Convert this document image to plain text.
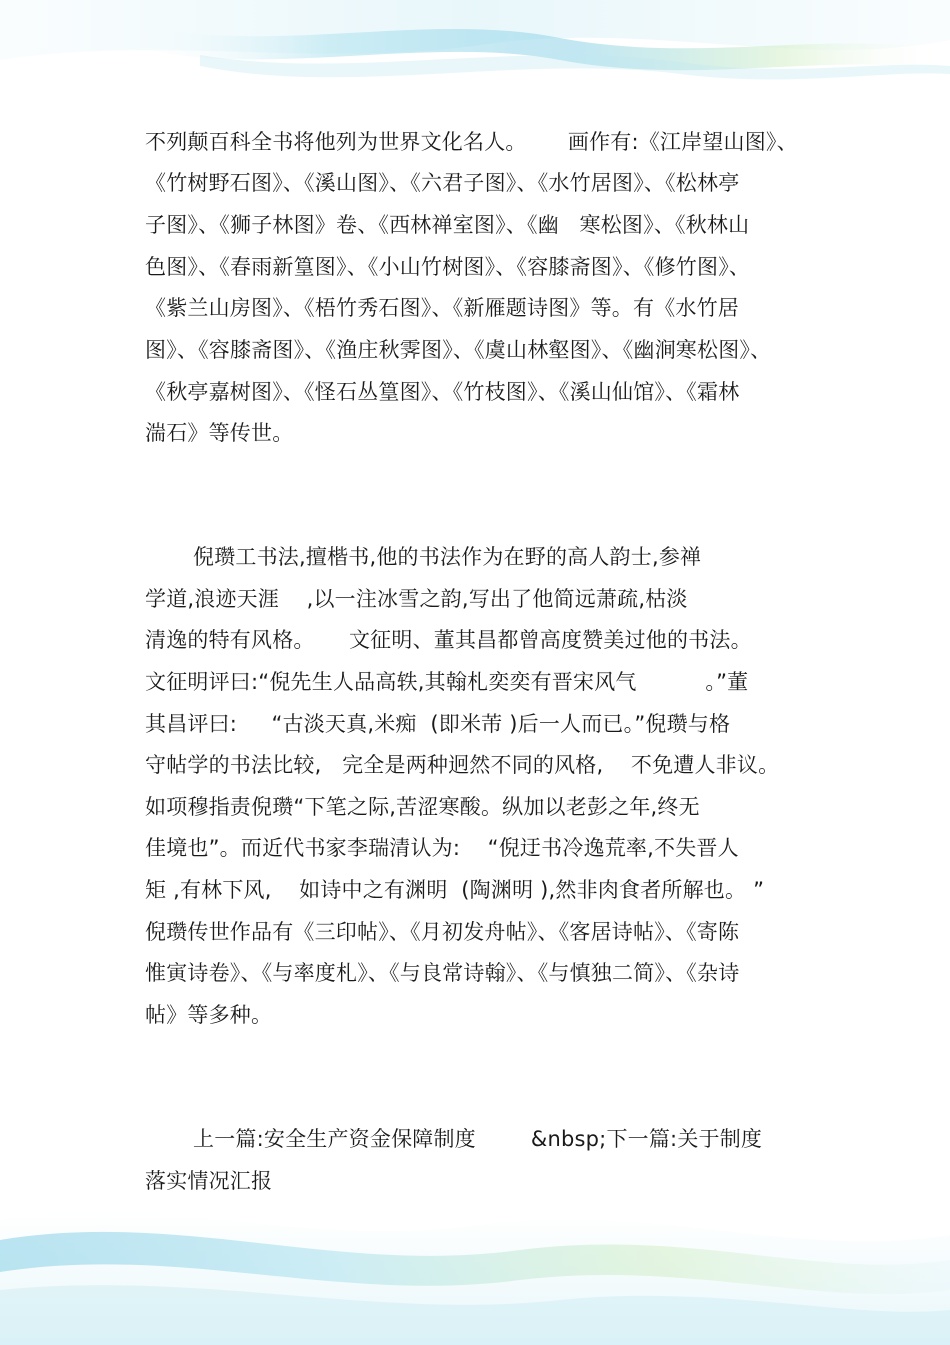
不列颠百科全书将他列为世界文化名人。      画作有:《江岸望山图》、
《竹树野石图》、《溪山图》、《六君子图》、《水竹居图》、《松林亭
子图》、《狮子林图》卷、《西林禅室图》、《幽   寒松图》、《秋林山
色图》、《春雨新篁图》、《小山竹树图》、《容膝斋图》、《修竹图》、
《紫兰山房图》、《梧竹秀石图》、《新雁题诗图》等。有《水竹居
图》、《容膝斋图》、《渔庄秋霁图》、《虞山林壑图》、《幽涧寒松图》、
《秋亭嘉树图》、《怪石丛篁图》、《竹枝图》、《溪山仙馆》、《霜林
湍石》等传世。
倪瓒工书法,擅楷书,他的书法作为在野的高人韵士,参禅
学道,浪迹天涯    ,以一注冰雪之韵,写出了他简远萧疏,枯淡
清逸的特有风格。     文征明、董其昌都曾高度赞美过他的书法。
文征明评曰:“倪先生人品高轶,其翰札奕奕有晋宋风气          。”董
其昌评曰:     “古淡天真,米痴  (即米芾 )后一人而已。”倪瓒与格
守帖学的书法比较,   完全是两种迥然不同的风格,    不免遭人非议。
如项穆指责倪瓒“下笔之际,苦涩寒酸。纵加以老彭之年,终无
佳境也”。而近代书家李瑞清认为:    “倪迂书冷逸荒率,不失晋人
矩 ,有林下风,    如诗中之有渊明  (陶渊明 ),然非肉食者所解也。 ”
倪瓒传世作品有《三印帖》、《月初发舟帖》、《客居诗帖》、《寄陈
惟寅诗卷》、《与率度札》、《与良常诗翰》、《与慎独二简》、《杂诗
帖》等多种。
上一篇:安全生产资金保障制度        &nbsp;下一篇:关于制度
落实情况汇报
